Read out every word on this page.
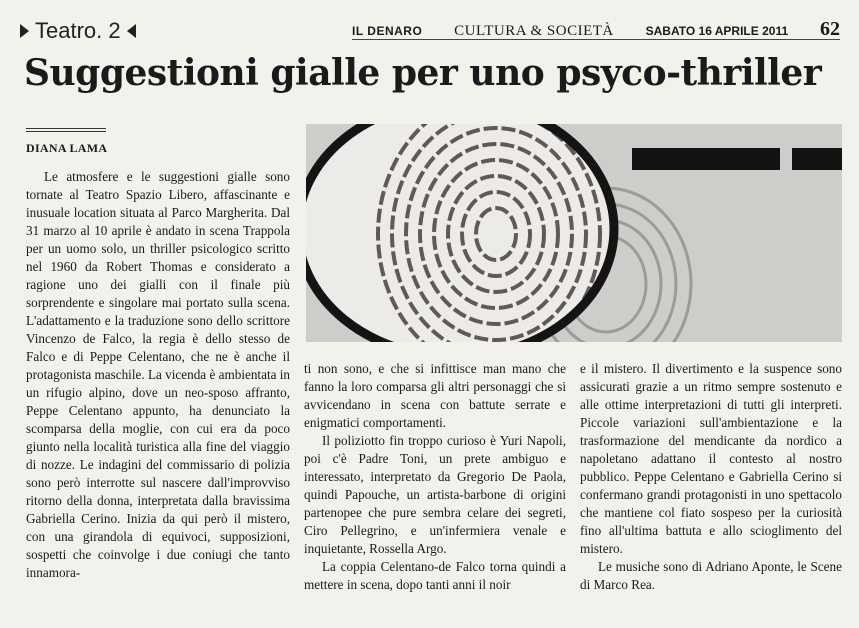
Teatro. 2	IL DENARO CULTURA & SOCIETÀ	SABATO 16 APRILE 2011 62
Suggestioni gialle per uno psyco-thriller
DIANA LAMA

Le atmosfere e le suggestioni gialle sono tornate al Teatro Spazio Libero, affascinante e inusuale location situata al Parco Margherita. Dal 31 marzo al 10 aprile è andato in scena Trappola per un uomo solo, un thriller psicologico scritto nel 1960 da Robert Thomas e considerato a ragione uno dei gialli con il finale più sorprendente e singolare mai portato sulla scena. L'adattamento e la traduzione sono dello scrittore Vincenzo de Falco, la regia è dello stesso de Falco e di Peppe Celentano, che ne è anche il protagonista maschile. La vicenda è ambientata in un rifugio alpino, dove un neo-sposo affranto, Peppe Celentano appunto, ha denunciato la scomparsa della moglie, con cui era da poco giunto nella località turistica alla fine del viaggio di nozze. Le indagini del commissario di polizia sono però interrotte sul nascere dall'improvviso ritorno della donna, interpretata dalla bravissima Gabriella Cerino. Inizia da qui però il mistero, con una girandola di equivoci, supposizioni, sospetti che coinvolge i due coniugi che tanto innamora-

ti non sono, e che si infittisce man mano che fanno la loro comparsa gli altri personaggi che si avvicendano in scena con battute serrate e enigmatici comportamenti.

Il poliziotto fin troppo curioso è Yuri Napoli, poi c'è Padre Toni, un prete ambiguo e interessato, interpretato da Gregorio De Paola, quindi Papouche, un artista-barbone di origini partenopee che pure sembra celare dei segreti, Ciro Pellegrino, e un'infermiera venale e inquietante, Rossella Argo.

La coppia Celentano-de Falco torna quindi a mettere in scena, dopo tanti anni il noir

e il mistero. Il divertimento e la suspence sono assicurati grazie a un ritmo sempre sostenuto e alle ottime interpretazioni di tutti gli interpreti. Piccole variazioni sull'ambientazione e la trasformazione del mendicante da nordico a napoletano adattano il contesto al nostro pubblico. Peppe Celentano e Gabriella Cerino si confermano grandi protagonisti in uno spettacolo che mantiene col fiato sospeso per la curiosità fino all'ultima battuta e allo scioglimento del mistero.

Le musiche sono di Adriano Aponte, le Scene di Marco Rea.
